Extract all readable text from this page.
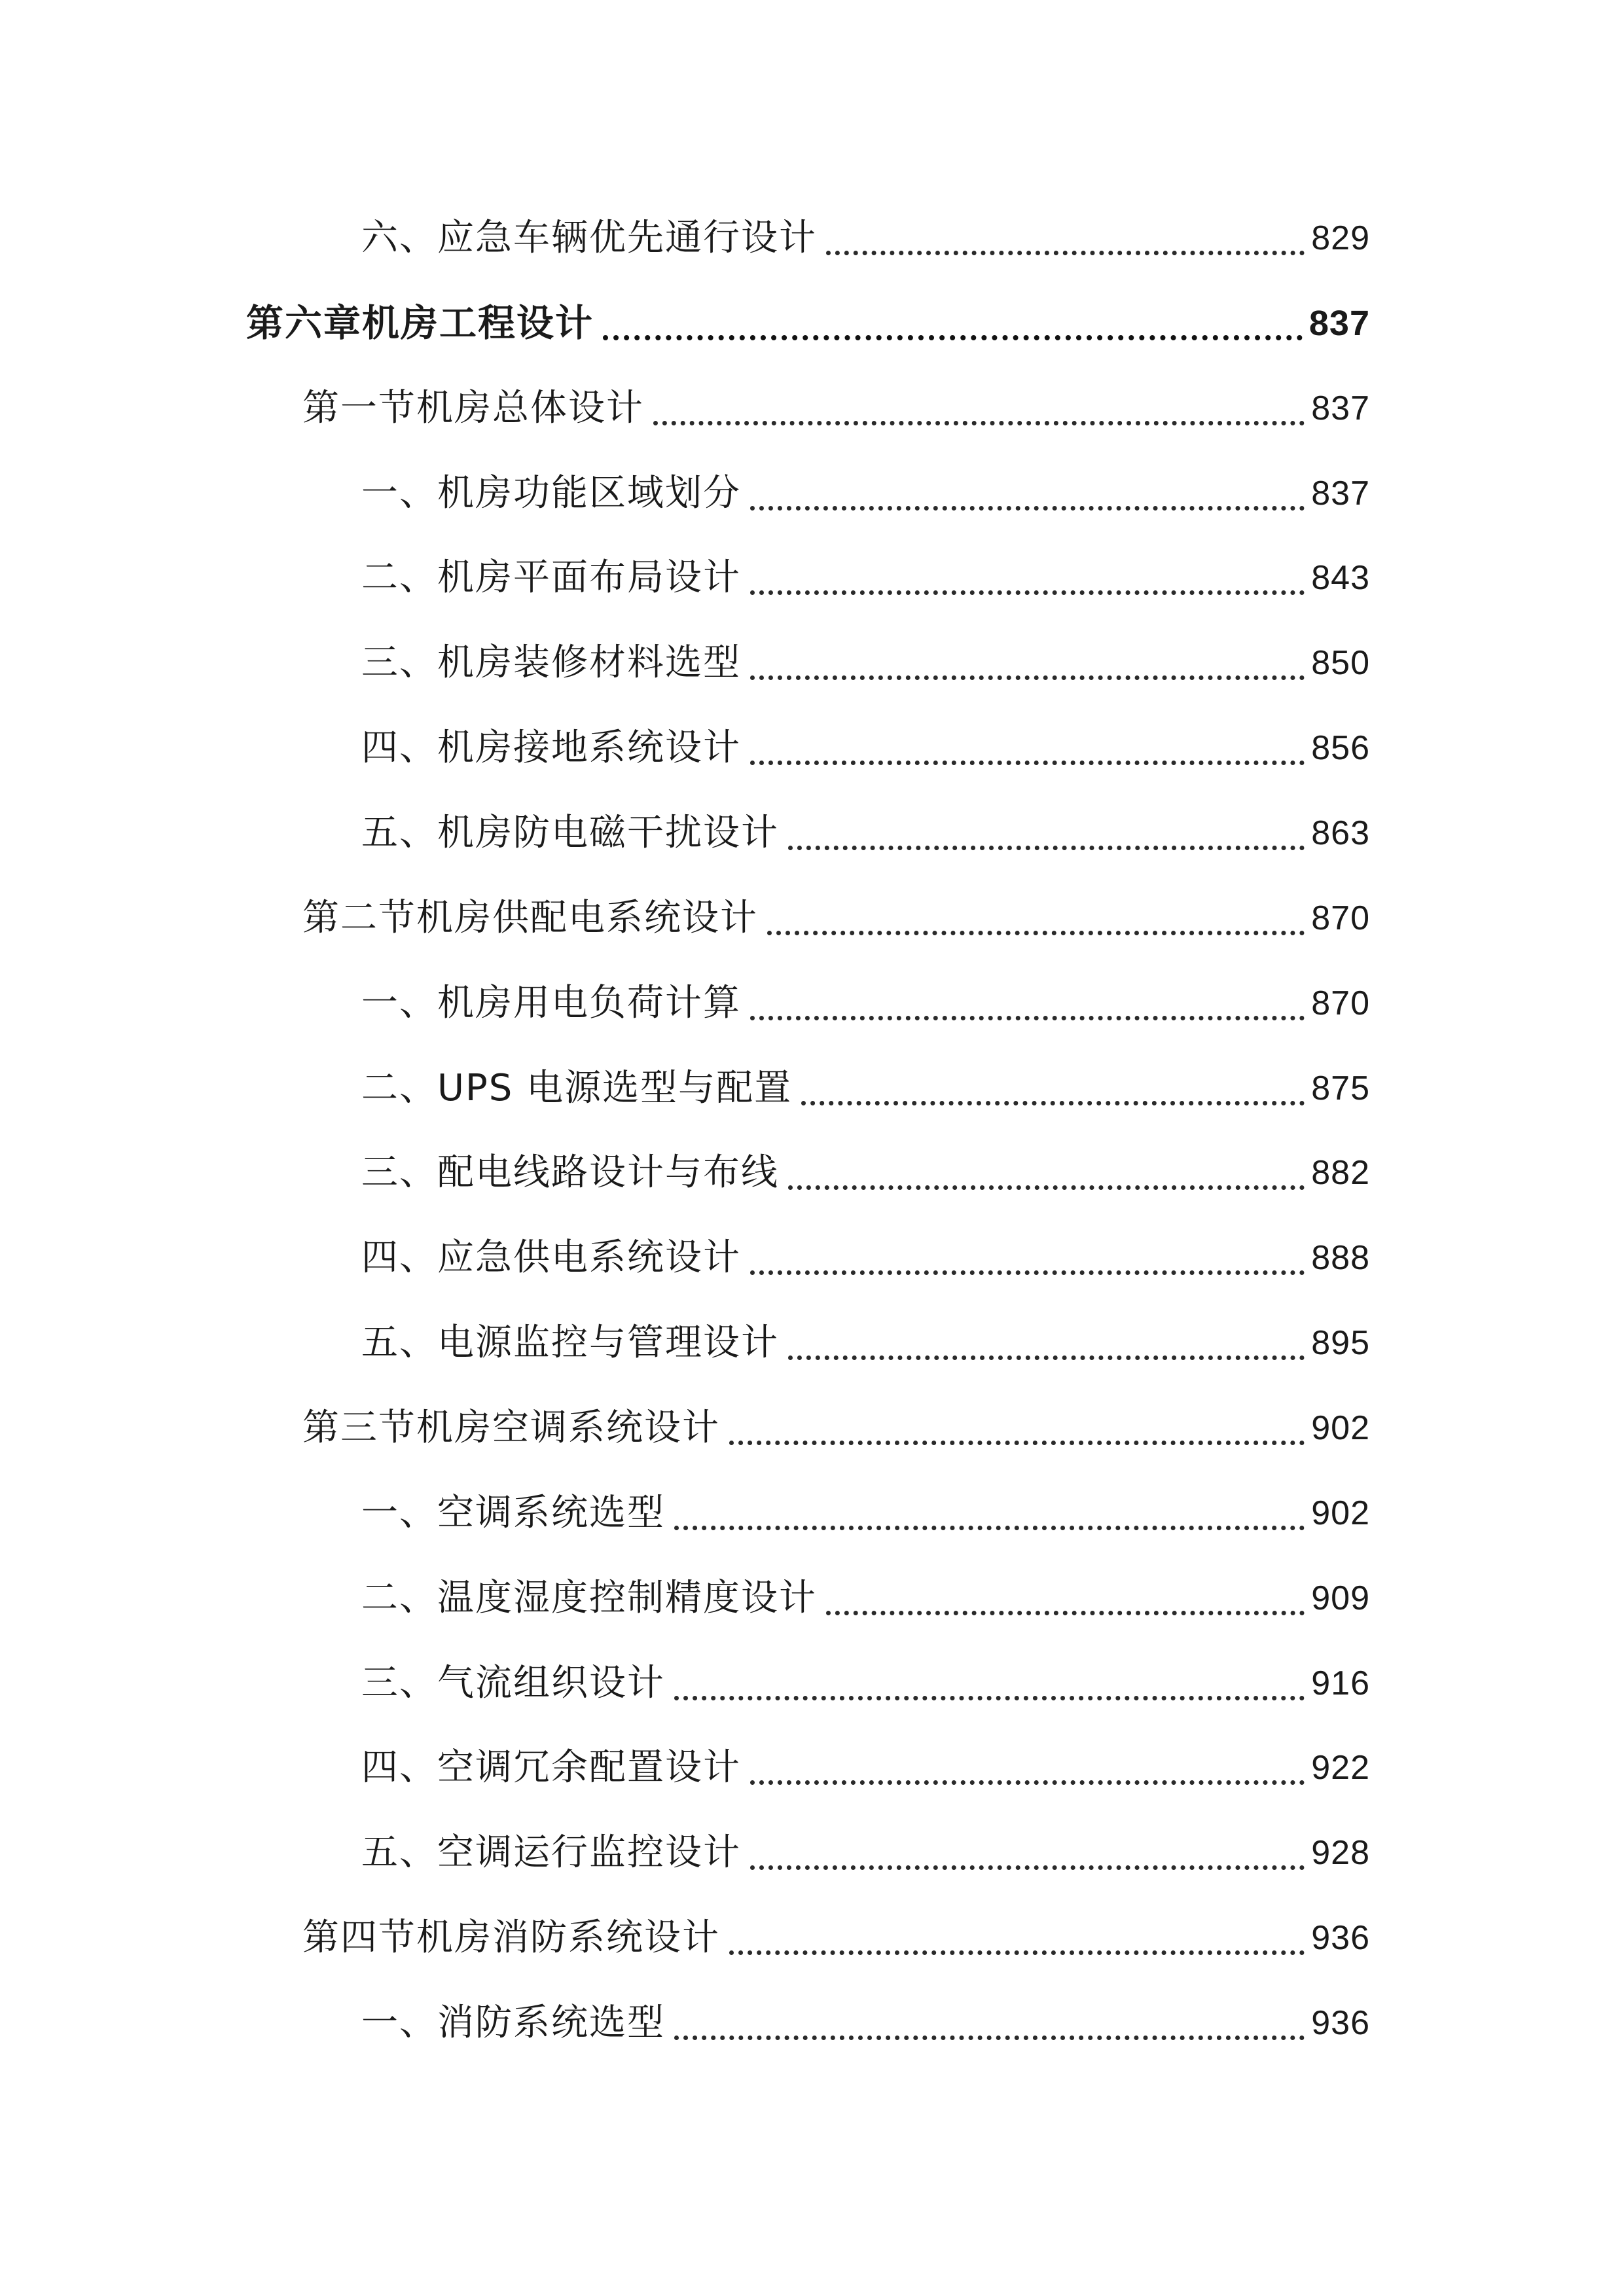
六、应急车辆优先通行设计	829
第六章机房工程设计	837
第一节机房总体设计	837
一、机房功能区域划分	837
二、机房平面布局设计	843
三、机房装修材料选型	850
四、机房接地系统设计	856
五、机房防电磁干扰设计	863
第二节机房供配电系统设计	870
一、机房用电负荷计算	870
二、UPS 电源选型与配置	875
三、配电线路设计与布线	882
四、应急供电系统设计	888
五、电源监控与管理设计	895
第三节机房空调系统设计	902
一、空调系统选型	902
二、温度湿度控制精度设计	909
三、气流组织设计	916
四、空调冗余配置设计	922
五、空调运行监控设计	928
第四节机房消防系统设计	936
一、消防系统选型	936
